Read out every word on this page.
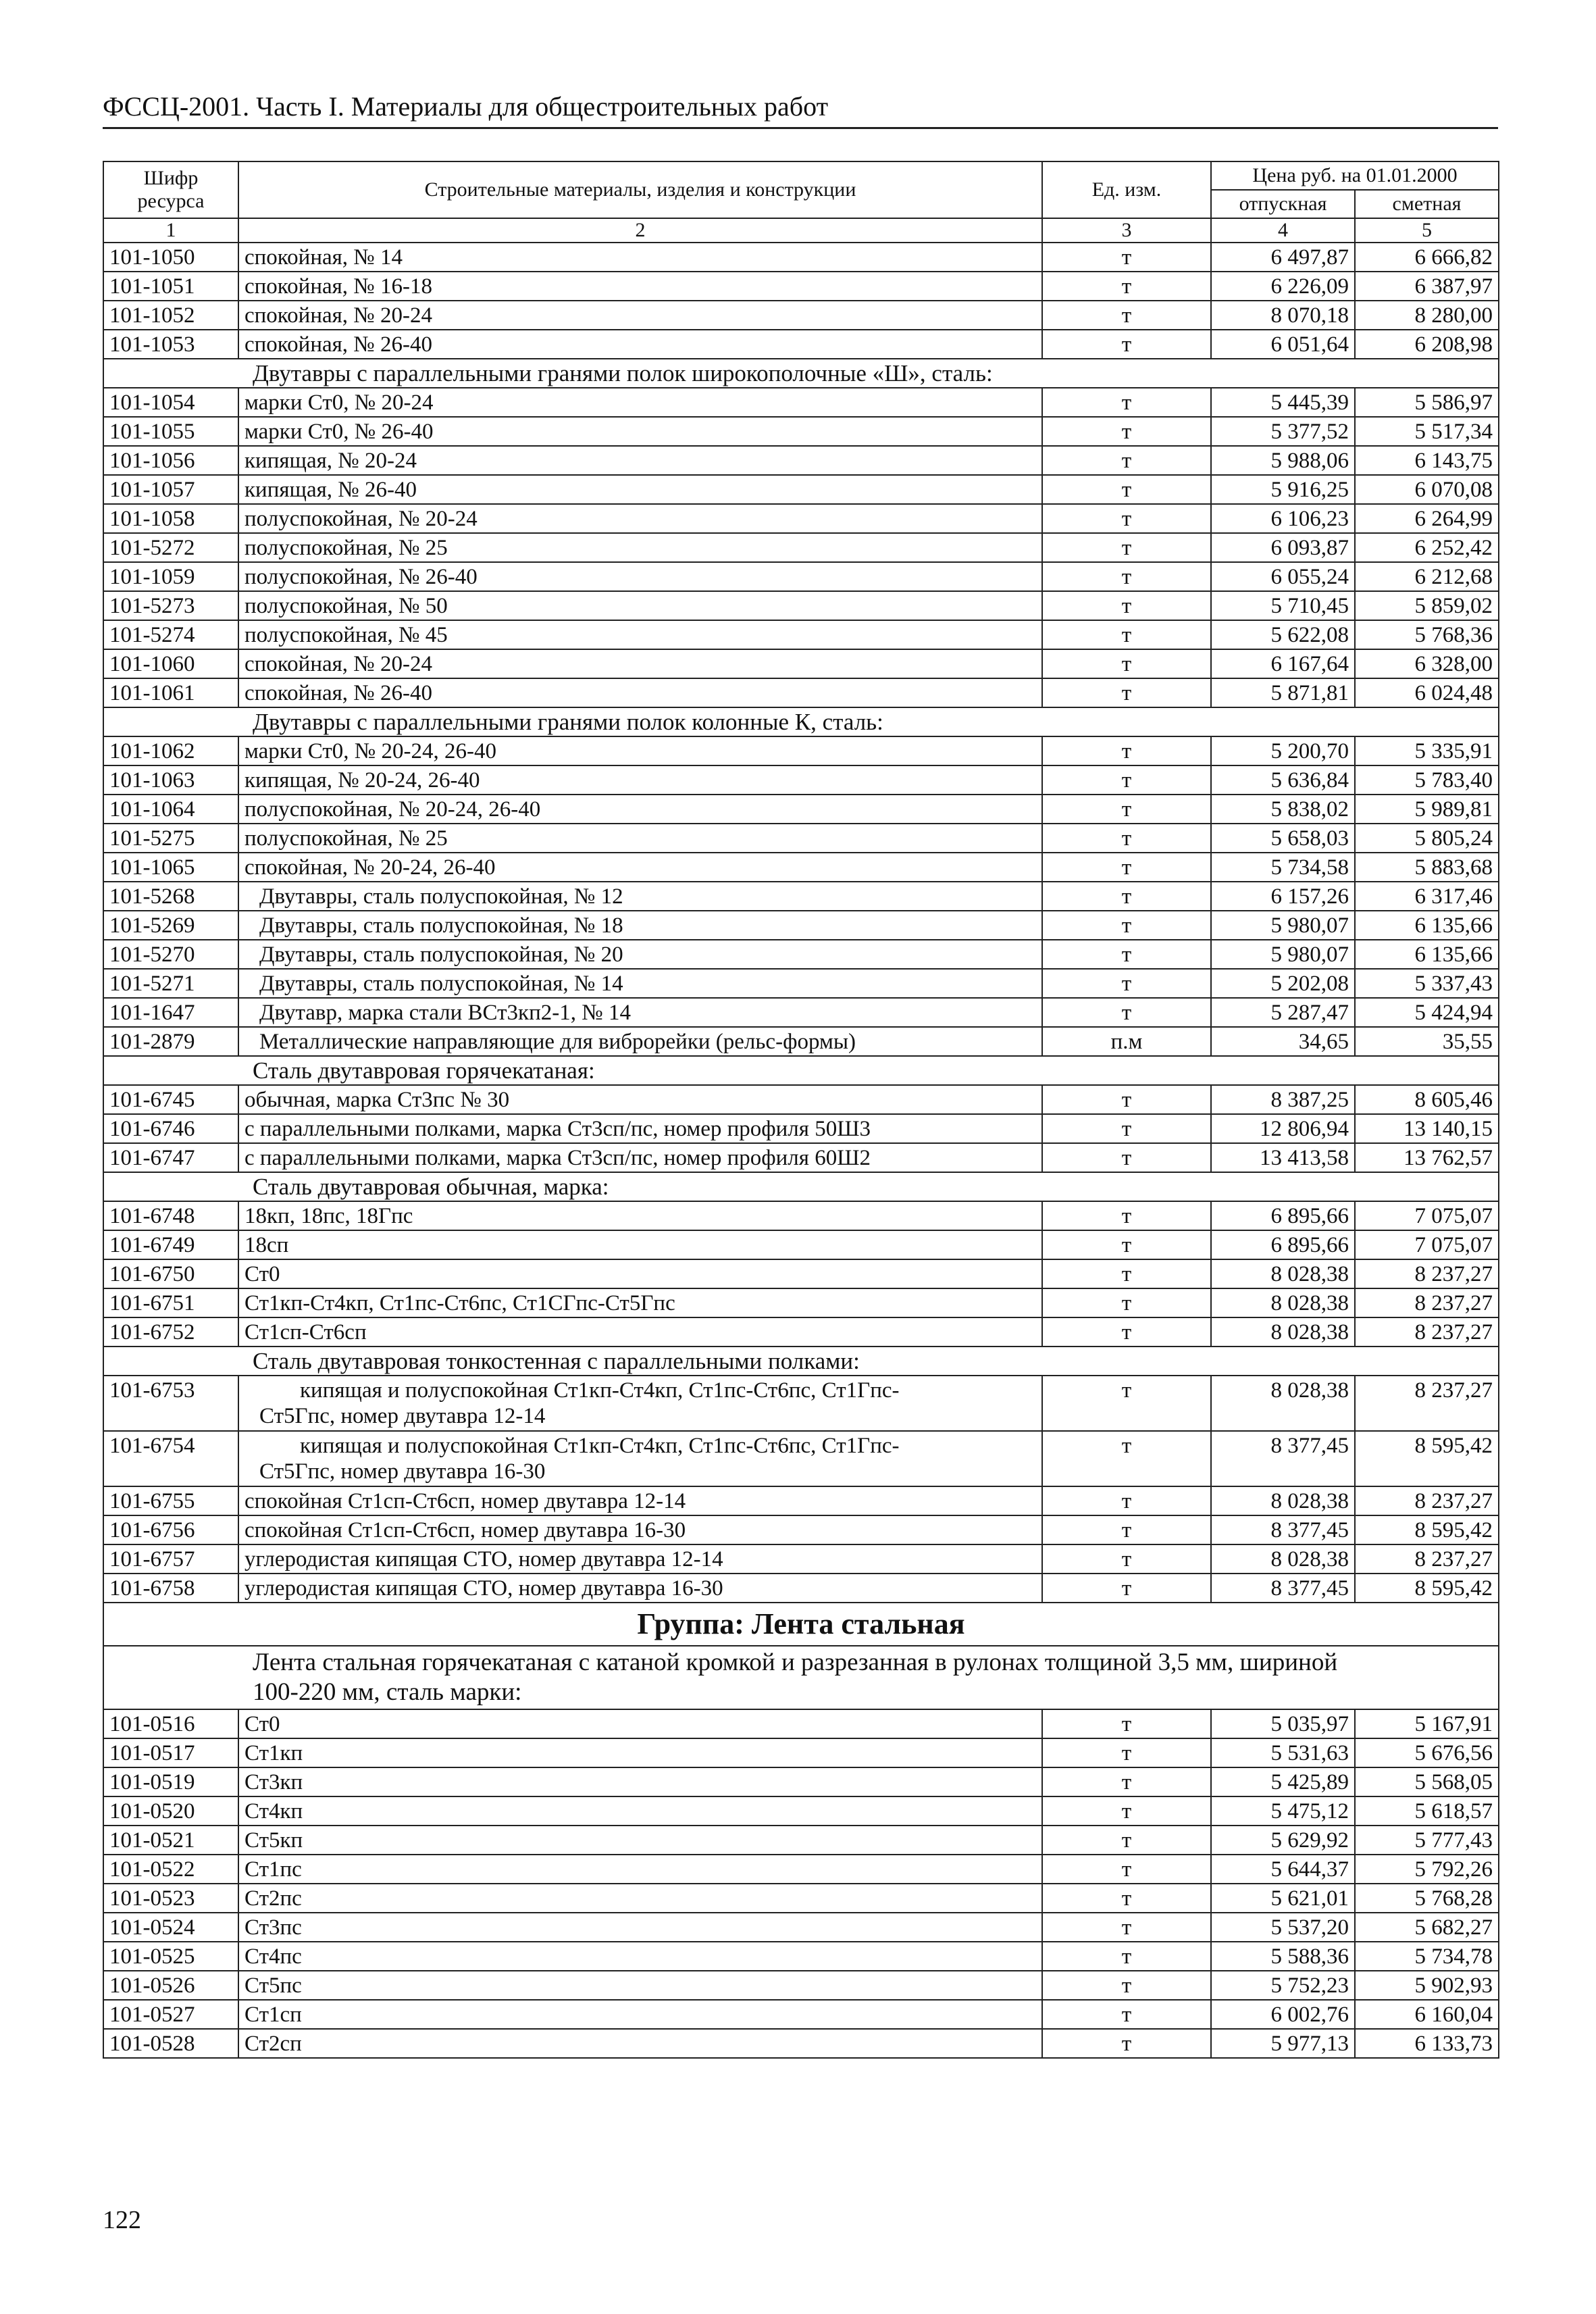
ФССЦ-2001. Часть I. Материалы для общестроительных работ
Шифр ресурса	Строительные материалы, изделия и конструкции	Ед. изм.	Цена руб. на 01.01.2000	
			отпускная	сметная
1	2	3	4	5
101-1050	спокойная, № 14	т	6 497,87	6 666,82
101-1051	спокойная, № 16-18	т	6 226,09	6 387,97
101-1052	спокойная, № 20-24	т	8 070,18	8 280,00
101-1053	спокойная, № 26-40	т	6 051,64	6 208,98
Двутавры с параллельными гранями полок широкополочные «Ш», сталь:				
101-1054	марки Ст0, № 20-24	т	5 445,39	5 586,97
101-1055	марки Ст0, № 26-40	т	5 377,52	5 517,34
101-1056	кипящая, № 20-24	т	5 988,06	6 143,75
101-1057	кипящая, № 26-40	т	5 916,25	6 070,08
101-1058	полуспокойная, № 20-24	т	6 106,23	6 264,99
101-5272	полуспокойная, № 25	т	6 093,87	6 252,42
101-1059	полуспокойная, № 26-40	т	6 055,24	6 212,68
101-5273	полуспокойная, № 50	т	5 710,45	5 859,02
101-5274	полуспокойная, № 45	т	5 622,08	5 768,36
101-1060	спокойная, № 20-24	т	6 167,64	6 328,00
101-1061	спокойная, № 26-40	т	5 871,81	6 024,48
Двутавры с параллельными гранями полок колонные К, сталь:				
101-1062	марки Ст0, № 20-24, 26-40	т	5 200,70	5 335,91
101-1063	кипящая, № 20-24, 26-40	т	5 636,84	5 783,40
101-1064	полуспокойная, № 20-24, 26-40	т	5 838,02	5 989,81
101-5275	полуспокойная, № 25	т	5 658,03	5 805,24
101-1065	спокойная, № 20-24, 26-40	т	5 734,58	5 883,68
101-5268	Двутавры, сталь полуспокойная, № 12	т	6 157,26	6 317,46
101-5269	Двутавры, сталь полуспокойная, № 18	т	5 980,07	6 135,66
101-5270	Двутавры, сталь полуспокойная, № 20	т	5 980,07	6 135,66
101-5271	Двутавры, сталь полуспокойная, № 14	т	5 202,08	5 337,43
101-1647	Двутавр, марка стали ВСт3кп2-1, № 14	т	5 287,47	5 424,94
101-2879	Металлические направляющие для виброрейки (рельс-формы)	п.м	34,65	35,55
Сталь двутавровая горячекатаная:				
101-6745	обычная, марка Ст3пс № 30	т	8 387,25	8 605,46
101-6746	с параллельными полками, марка Ст3сп/пс, номер профиля 50Ш3	т	12 806,94	13 140,15
101-6747	с параллельными полками, марка Ст3сп/пс, номер профиля 60Ш2	т	13 413,58	13 762,57
Сталь двутавровая обычная, марка:				
101-6748	18кп, 18пс, 18Гпс	т	6 895,66	7 075,07
101-6749	18сп	т	6 895,66	7 075,07
101-6750	Ст0	т	8 028,38	8 237,27
101-6751	Ст1кп-Ст4кп, Ст1пс-Ст6пс, Ст1СГпс-Ст5Гпс	т	8 028,38	8 237,27
101-6752	Ст1сп-Ст6сп	т	8 028,38	8 237,27
Сталь двутавровая тонкостенная с параллельными полками:				
101-6753	кипящая и полуспокойная Ст1кп-Ст4кп, Ст1пс-Ст6пс, Ст1Гпс-
Ст5Гпс, номер двутавра 12-14	т	8 028,38	8 237,27
101-6754	кипящая и полуспокойная Ст1кп-Ст4кп, Ст1пс-Ст6пс, Ст1Гпс-
Ст5Гпс, номер двутавра 16-30	т	8 377,45	8 595,42
101-6755	спокойная Ст1сп-Ст6сп, номер двутавра 12-14	т	8 028,38	8 237,27
101-6756	спокойная Ст1сп-Ст6сп, номер двутавра 16-30	т	8 377,45	8 595,42
101-6757	углеродистая кипящая СТО, номер двутавра 12-14	т	8 028,38	8 237,27
101-6758	углеродистая кипящая СТО, номер двутавра 16-30	т	8 377,45	8 595,42
Группа: Лента стальная				

Лента стальная горячекатаная с катаной кромкой и разрезанная в рулонах толщиной 3,5 мм, шириной
100-220 мм, сталь марки:				

101-0516	Ст0	т	5 035,97	5 167,91
101-0517	Ст1кп	т	5 531,63	5 676,56
101-0519	Ст3кп	т	5 425,89	5 568,05
101-0520	Ст4кп	т	5 475,12	5 618,57
101-0521	Ст5кп	т	5 629,92	5 777,43
101-0522	Ст1пс	т	5 644,37	5 792,26
101-0523	Ст2пс	т	5 621,01	5 768,28
101-0524	Ст3пс	т	5 537,20	5 682,27
101-0525	Ст4пс	т	5 588,36	5 734,78
101-0526	Ст5пс	т	5 752,23	5 902,93
101-0527	Ст1сп	т	6 002,76	6 160,04
101-0528	Ст2сп	т	5 977,13	6 133,73
122
